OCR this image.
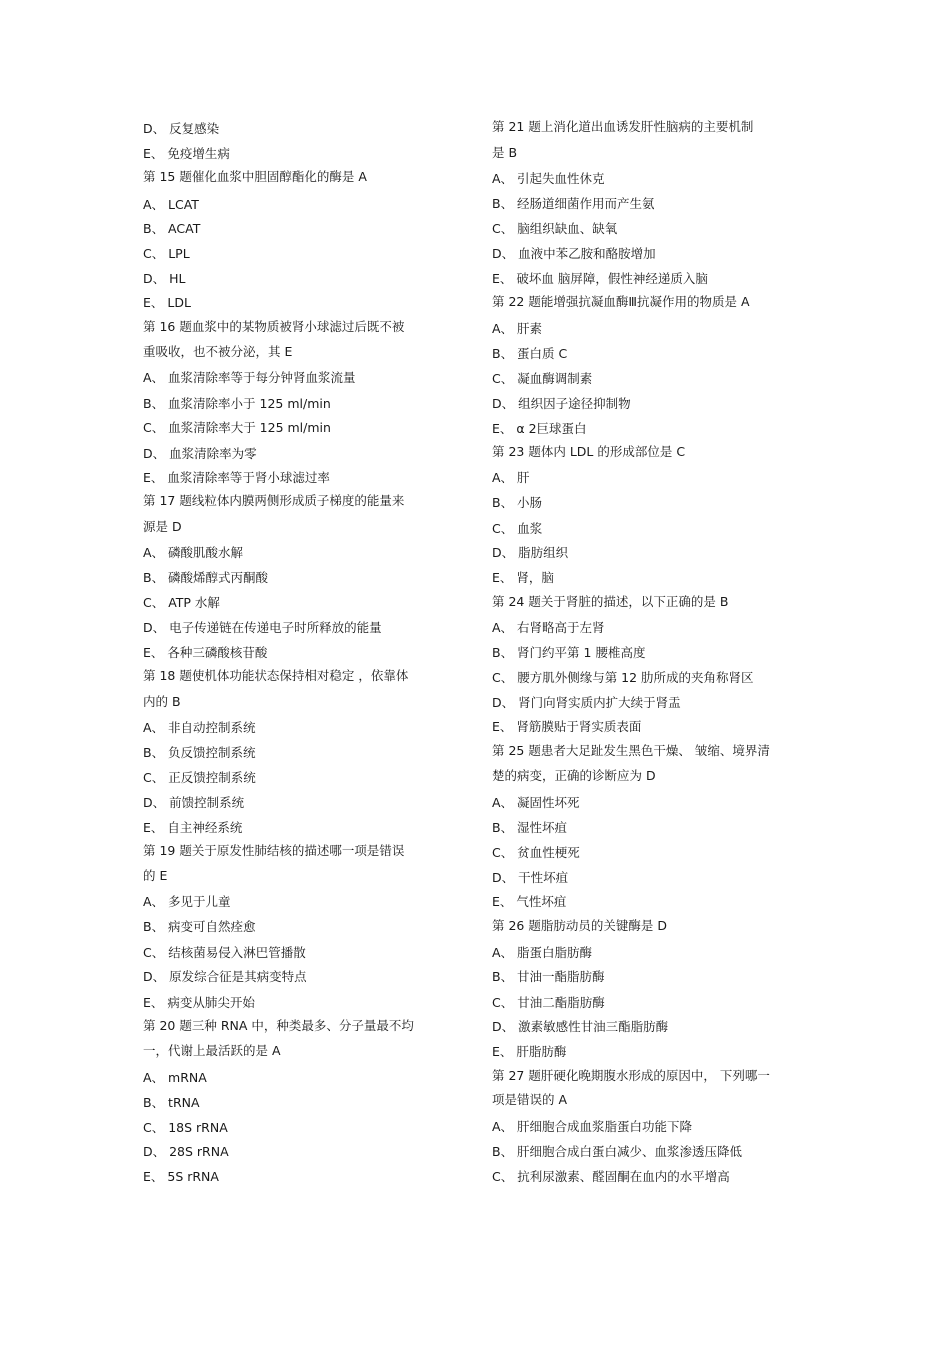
D、 反复感染
E、 免疫增生病
第 15 题催化血浆中胆固醇酯化的酶是 A
A、 LCAT
B、 ACAT
C、 LPL
D、 HL
E、 LDL
第 16 题血浆中的某物质被肾小球滤过后既不被
重吸收，也不被分泌，其 E
A、 血浆清除率等于每分钟肾血浆流量
B、 血浆清除率小于 125 ml/min
C、 血浆清除率大于 125 ml/min
D、 血浆清除率为零
E、 血浆清除率等于肾小球滤过率
第 17 题线粒体内膜两侧形成质子梯度的能量来
源是 D
A、 磷酸肌酸水解
B、 磷酸烯醇式丙酮酸
C、 ATP 水解
D、 电子传递链在传递电子时所释放的能量
E、 各种三磷酸核苷酸
第 18 题使机体功能状态保持相对稳定 ，依靠体
内的 B
A、 非自动控制系统
B、 负反馈控制系统
C、 正反馈控制系统
D、 前馈控制系统
E、 自主神经系统
第 19 题关于原发性肺结核的描述哪一项是错误
的 E
A、 多见于儿童
B、 病变可自然痊愈
C、 结核菌易侵入淋巴管播散
D、 原发综合征是其病变特点
E、 病变从肺尖开始
第 20 题三种 RNA 中，种类最多、分子量最不均
一，代谢上最活跃的是 A
A、 mRNA
B、 tRNA
C、 18S rRNA
D、 28S rRNA
E、 5S rRNA
第 21 题上消化道出血诱发肝性脑病的主要机制
是 B
A、 引起失血性休克
B、 经肠道细菌作用而产生氨
C、 脑组织缺血、缺氧
D、 血液中苯乙胺和酪胺增加
E、 破坏血 脑屏障，假性神经递质入脑
第 22 题能增强抗凝血酶Ⅲ抗凝作用的物质是 A
A、 肝素
B、 蛋白质 C
C、 凝血酶调制素
D、 组织因子途径抑制物
E、 α 2巨球蛋白
第 23 题体内 LDL 的形成部位是 C
A、 肝
B、 小肠
C、 血浆
D、 脂肪组织
E、 肾，脑
第 24 题关于肾脏的描述，以下正确的是 B
A、 右肾略高于左肾
B、 肾门约平第 1 腰椎高度
C、 腰方肌外侧缘与第 12 肋所成的夹角称肾区
D、 肾门向肾实质内扩大续于肾盂
E、 肾筋膜贴于肾实质表面
第 25 题患者大足趾发生黑色干燥、 皱缩、境界清
楚的病变，正确的诊断应为 D
A、 凝固性坏死
B、 湿性坏疽
C、 贫血性梗死
D、 干性坏疽
E、 气性坏疽
第 26 题脂肪动员的关键酶是 D
A、 脂蛋白脂肪酶
B、 甘油一酯脂肪酶
C、 甘油二酯脂肪酶
D、 激素敏感性甘油三酯脂肪酶
E、 肝脂肪酶
第 27 题肝硬化晚期腹水形成的原因中， 下列哪一
项是错误的 A
A、 肝细胞合成血浆脂蛋白功能下降
B、 肝细胞合成白蛋白减少、血浆渗透压降低
C、 抗利尿激素、醛固酮在血内的水平增高
